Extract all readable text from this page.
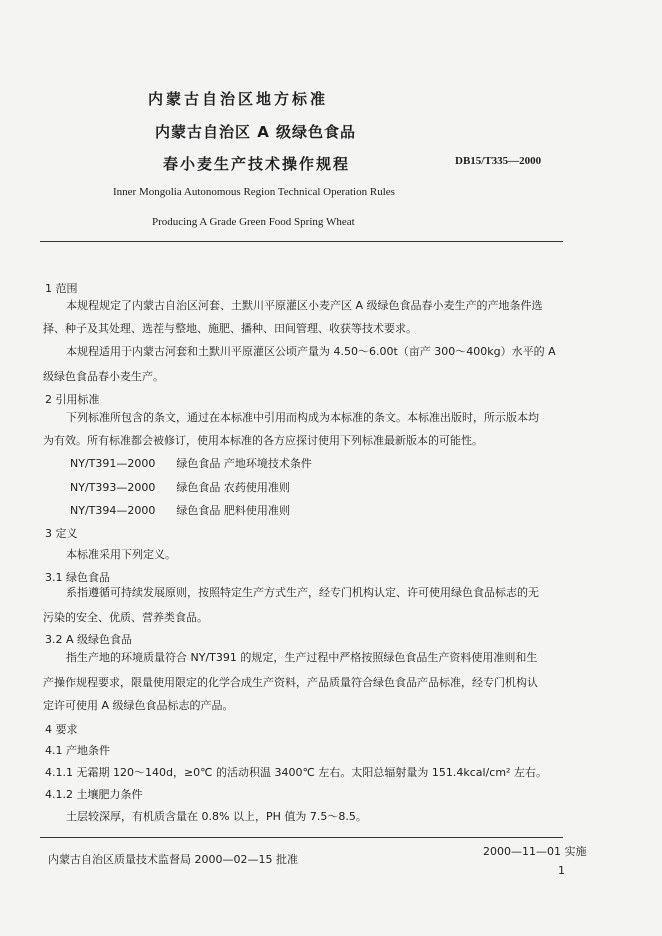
内蒙古自治区地方标准
内蒙古自治区 A 级绿色食品
春小麦生产技术操作规程	DB15/T335—2000
Inner Mongolia Autonomous Region Technical Operation Rules
Producing A Grade Green Food Spring Wheat
1 范围
本规程规定了内蒙古自治区河套、土默川平原灌区小麦产区 A 级绿色食品春小麦生产的产地条件选
择、种子及其处理、选茬与整地、施肥、播种、田间管理、收获等技术要求。
本规程适用于内蒙古河套和土默川平原灌区公顷产量为 4.50～6.00t（亩产 300～400kg）水平的 A
级绿色食品春小麦生产。
2 引用标准
下列标准所包含的条文，通过在本标准中引用而构成为本标准的条文。本标准出版时，所示版本均
为有效。所有标准都会被修订，使用本标准的各方应探讨使用下列标准最新版本的可能性。
NY/T391—2000 绿色食品 产地环境技术条件
NY/T393—2000 绿色食品 农药使用准则
NY/T394—2000 绿色食品 肥料使用准则
3 定义
本标准采用下列定义。
3.1 绿色食品
系指遵循可持续发展原则，按照特定生产方式生产，经专门机构认定、许可使用绿色食品标志的无
污染的安全、优质、营养类食品。
3.2 A 级绿色食品
指生产地的环境质量符合 NY/T391 的规定，生产过程中严格按照绿色食品生产资料使用准则和生
产操作规程要求，限量使用限定的化学合成生产资料，产品质量符合绿色食品产品标准，经专门机构认
定许可使用 A 级绿色食品标志的产品。
4 要求
4.1 产地条件
4.1.1 无霜期 120～140d，≥0℃ 的活动积温 3400℃ 左右。太阳总辐射量为 151.4kcal/cm² 左右。
4.1.2 土壤肥力条件
土层较深厚，有机质含量在 0.8% 以上，PH 值为 7.5～8.5。
内蒙古自治区质量技术监督局 2000—02—15 批准
2000—11—01 实施
1
